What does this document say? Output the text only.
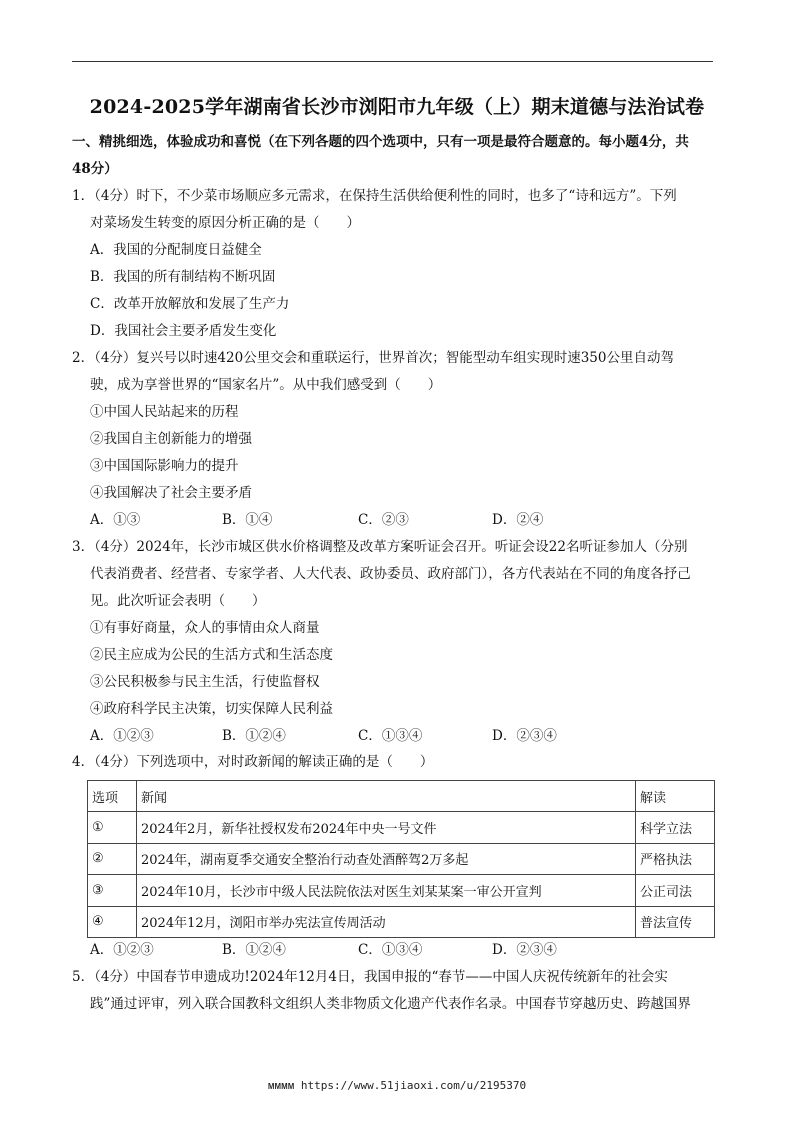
2024-2025学年湖南省长沙市浏阳市九年级（上）期末道德与法治试卷
一、精挑细选，体验成功和喜悦（在下列各题的四个选项中，只有一项是最符合题意的。每小题4分，共
48分）
1．（4分）时下，不少菜市场顺应多元需求，在保持生活供给便利性的同时，也多了“诗和远方”。下列
对菜场发生转变的原因分析正确的是（　　）
A．我国的分配制度日益健全
B．我国的所有制结构不断巩固
C．改革开放解放和发展了生产力
D．我国社会主要矛盾发生变化
2．（4分）复兴号以时速420公里交会和重联运行，世界首次；智能型动车组实现时速350公里自动驾
驶，成为享誉世界的“国家名片”。从中我们感受到（　　）
①中国人民站起来的历程
②我国自主创新能力的增强
③中国国际影响力的提升
④我国解决了社会主要矛盾
A．①③	B．①④	C．②③	D．②④
3．（4分）2024年，长沙市城区供水价格调整及改革方案听证会召开。听证会设22名听证参加人（分别
代表消费者、经营者、专家学者、人大代表、政协委员、政府部门），各方代表站在不同的角度各抒己
见。此次听证会表明（　　）
①有事好商量，众人的事情由众人商量
②民主应成为公民的生活方式和生活态度
③公民积极参与民主生活，行使监督权
④政府科学民主决策，切实保障人民利益
A．①②③	B．①②④	C．①③④	D．②③④
4．（4分）下列选项中，对时政新闻的解读正确的是（　　）
选项	新闻	解读
①	2024年2月，新华社授权发布2024年中央一号文件	科学立法
②	2024年，湖南夏季交通安全整治行动查处酒醉驾2万多起	严格执法
③	2024年10月，长沙市中级人民法院依法对医生刘某某案一审公开宣判	公正司法
④	2024年12月，浏阳市举办宪法宣传周活动	普法宣传
A．①②③	B．①②④	C．①③④	D．②③④
5．（4分）中国春节申遗成功!2024年12月4日，我国申报的“春节——中国人庆祝传统新年的社会实
践”通过评审，列入联合国教科文组织人类非物质文化遗产代表作名录。中国春节穿越历史、跨越国界
ᴍᴍᴍᴍ https://www.51jiaoxi.com/u/2195370
